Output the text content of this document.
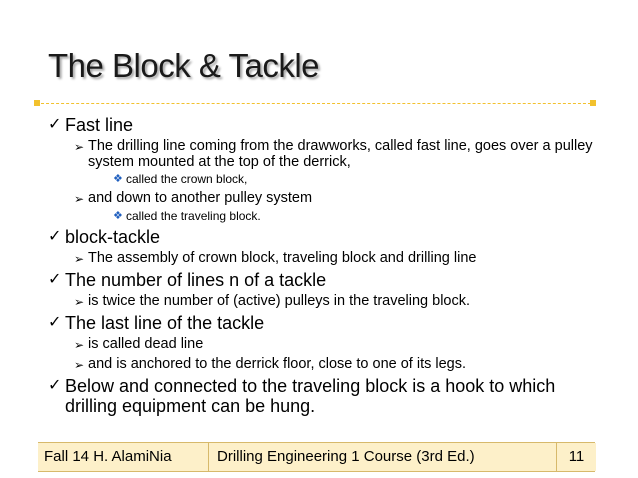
The Block & Tackle
✓ Fast line
➢ The drilling line coming from the drawworks, called fast line, goes over a pulley system mounted at the top of the derrick,
❖ called the crown block,
➢ and down to another pulley system
❖ called the traveling block.
✓ block-tackle
➢ The assembly of crown block, traveling block and drilling line
✓ The number of lines n of a tackle
➢ is twice the number of (active) pulleys in the traveling block.
✓ The last line of the tackle
➢ is called dead line
➢ and is anchored to the derrick floor, close to one of its legs.
✓ Below and connected to the traveling block is a hook to which drilling equipment can be hung.
Fall 14 H. AlamiNia	Drilling Engineering 1 Course (3rd Ed.)	11
